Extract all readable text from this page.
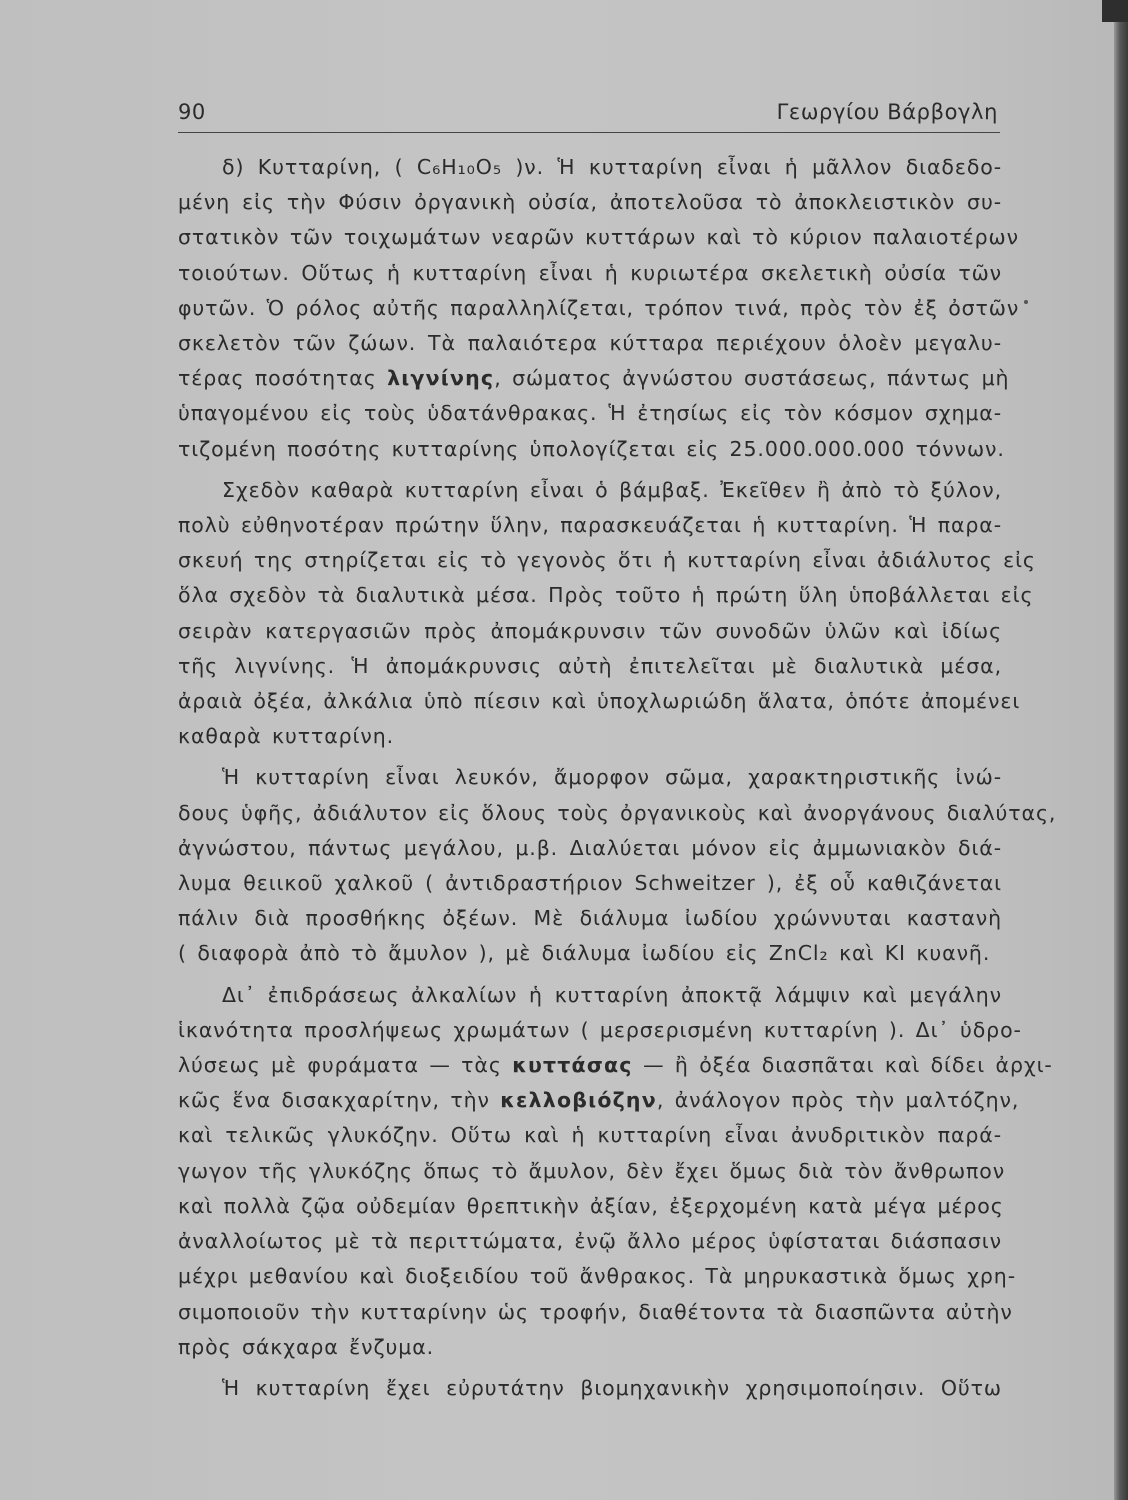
90	Γεωργίου Βάρβογλη

δ) Κυτταρίνη, ( C₆H₁₀O₅ )ν. Ἡ κυτταρίνη εἶναι ἡ μᾶλλον διαδεδο-
μένη εἰς τὴν Φύσιν ὀργανικὴ οὐσία, ἀποτελοῦσα τὸ ἀποκλειστικὸν συ-
στατικὸν τῶν τοιχωμάτων νεαρῶν κυττάρων καὶ τὸ κύριον παλαιοτέρων
τοιούτων. Οὕτως ἡ κυτταρίνη εἶναι ἡ κυριωτέρα σκελετικὴ οὐσία τῶν
φυτῶν. Ὁ ρόλος αὐτῆς παραλληλίζεται, τρόπον τινά, πρὸς τὸν ἐξ ὀστῶν
σκελετὸν τῶν ζώων. Τὰ παλαιότερα κύτταρα περιέχουν ὁλοὲν μεγαλυ-
τέρας ποσότητας λιγνίνης, σώματος ἀγνώστου συστάσεως, πάντως μὴ
ὑπαγομένου εἰς τοὺς ὑδατάνθρακας. Ἡ ἐτησίως εἰς τὸν κόσμον σχημα-
τιζομένη ποσότης κυτταρίνης ὑπολογίζεται εἰς 25.000.000.000 τόννων.

Σχεδὸν καθαρὰ κυτταρίνη εἶναι ὁ βάμβαξ. Ἐκεῖθεν ἢ ἀπὸ τὸ ξύλον,
πολὺ εὐθηνοτέραν πρώτην ὕλην, παρασκευάζεται ἡ κυτταρίνη. Ἡ παρα-
σκευή της στηρίζεται εἰς τὸ γεγονὸς ὅτι ἡ κυτταρίνη εἶναι ἀδιάλυτος εἰς
ὅλα σχεδὸν τὰ διαλυτικὰ μέσα. Πρὸς τοῦτο ἡ πρώτη ὕλη ὑποβάλλεται εἰς
σειρὰν κατεργασιῶν πρὸς ἀπομάκρυνσιν τῶν συνοδῶν ὑλῶν καὶ ἰδίως
τῆς λιγνίνης. Ἡ ἀπομάκρυνσις αὐτὴ ἐπιτελεῖται μὲ διαλυτικὰ μέσα,
ἀραιὰ ὀξέα, ἀλκάλια ὑπὸ πίεσιν καὶ ὑποχλωριώδη ἅλατα, ὁπότε ἀπομένει
καθαρὰ κυτταρίνη.

Ἡ κυτταρίνη εἶναι λευκόν, ἄμορφον σῶμα, χαρακτηριστικῆς ἰνώ-
δους ὑφῆς, ἀδιάλυτον εἰς ὅλους τοὺς ὀργανικοὺς καὶ ἀνοργάνους διαλύτας,
ἀγνώστου, πάντως μεγάλου, μ.β. Διαλύεται μόνον εἰς ἀμμωνιακὸν διά-
λυμα θειικοῦ χαλκοῦ ( ἀντιδραστήριον Schweitzer ), ἐξ οὗ καθιζάνεται
πάλιν διὰ προσθήκης ὀξέων. Μὲ διάλυμα ἰωδίου χρώννυται καστανὴ
( διαφορὰ ἀπὸ τὸ ἄμυλον ), μὲ διάλυμα ἰωδίου εἰς ZnCl₂ καὶ KI κυανῆ.

Δι᾽ ἐπιδράσεως ἀλκαλίων ἡ κυτταρίνη ἀποκτᾷ λάμψιν καὶ μεγάλην
ἱκανότητα προσλήψεως χρωμάτων ( μερσερισμένη κυτταρίνη ). Δι᾽ ὑδρο-
λύσεως μὲ φυράματα — τὰς κυττάσας — ἢ ὀξέα διασπᾶται καὶ δίδει ἀρχι-
κῶς ἕνα δισακχαρίτην, τὴν κελλοβιόζην, ἀνάλογον πρὸς τὴν μαλτόζην,
καὶ τελικῶς γλυκόζην. Οὕτω καὶ ἡ κυτταρίνη εἶναι ἀνυδριτικὸν παρά-
γωγον τῆς γλυκόζης ὅπως τὸ ἄμυλον, δὲν ἔχει ὅμως διὰ τὸν ἄνθρωπον
καὶ πολλὰ ζῷα οὐδεμίαν θρεπτικὴν ἀξίαν, ἐξερχομένη κατὰ μέγα μέρος
ἀναλλοίωτος μὲ τὰ περιττώματα, ἐνῷ ἄλλο μέρος ὑφίσταται διάσπασιν
μέχρι μεθανίου καὶ διοξειδίου τοῦ ἄνθρακος. Τὰ μηρυκαστικὰ ὅμως χρη-
σιμοποιοῦν τὴν κυτταρίνην ὡς τροφήν, διαθέτοντα τὰ διασπῶντα αὐτὴν
πρὸς σάκχαρα ἔνζυμα.

Ἡ κυτταρίνη ἔχει εὐρυτάτην βιομηχανικὴν χρησιμοποίησιν. Οὕτω
